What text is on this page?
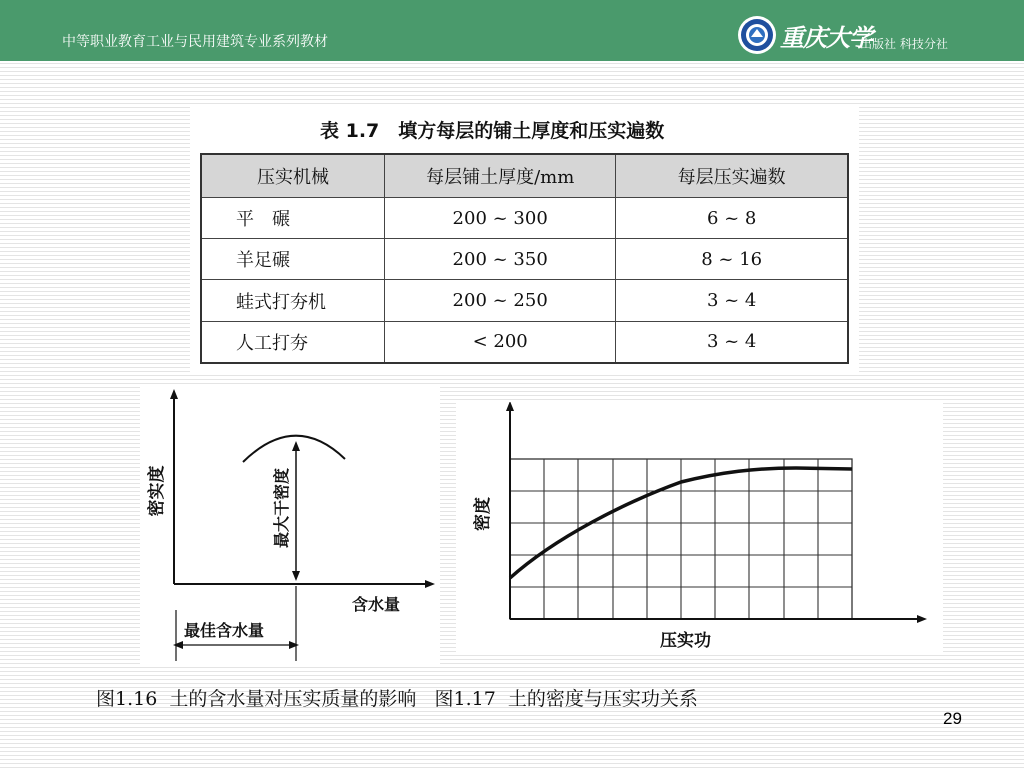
中等职业教育工业与民用建筑专业系列教材	重庆大学
出版社 科技分社
表 1.7　填方每层的铺土厚度和压实遍数
压实机械	每层铺土厚度/mm	每层压实遍数
平　碾	200 ~ 300	6 ~ 8
羊足碾	200 ~ 350	8 ~ 16
蛙式打夯机	200 ~ 250	3 ~ 4
人工打夯	< 200	3 ~ 4
密实度	最大干密度
含水量
最佳含水量
密度
压实功
图1.16  土的含水量对压实质量的影响   图1.17  土的密度与压实功关系
29
